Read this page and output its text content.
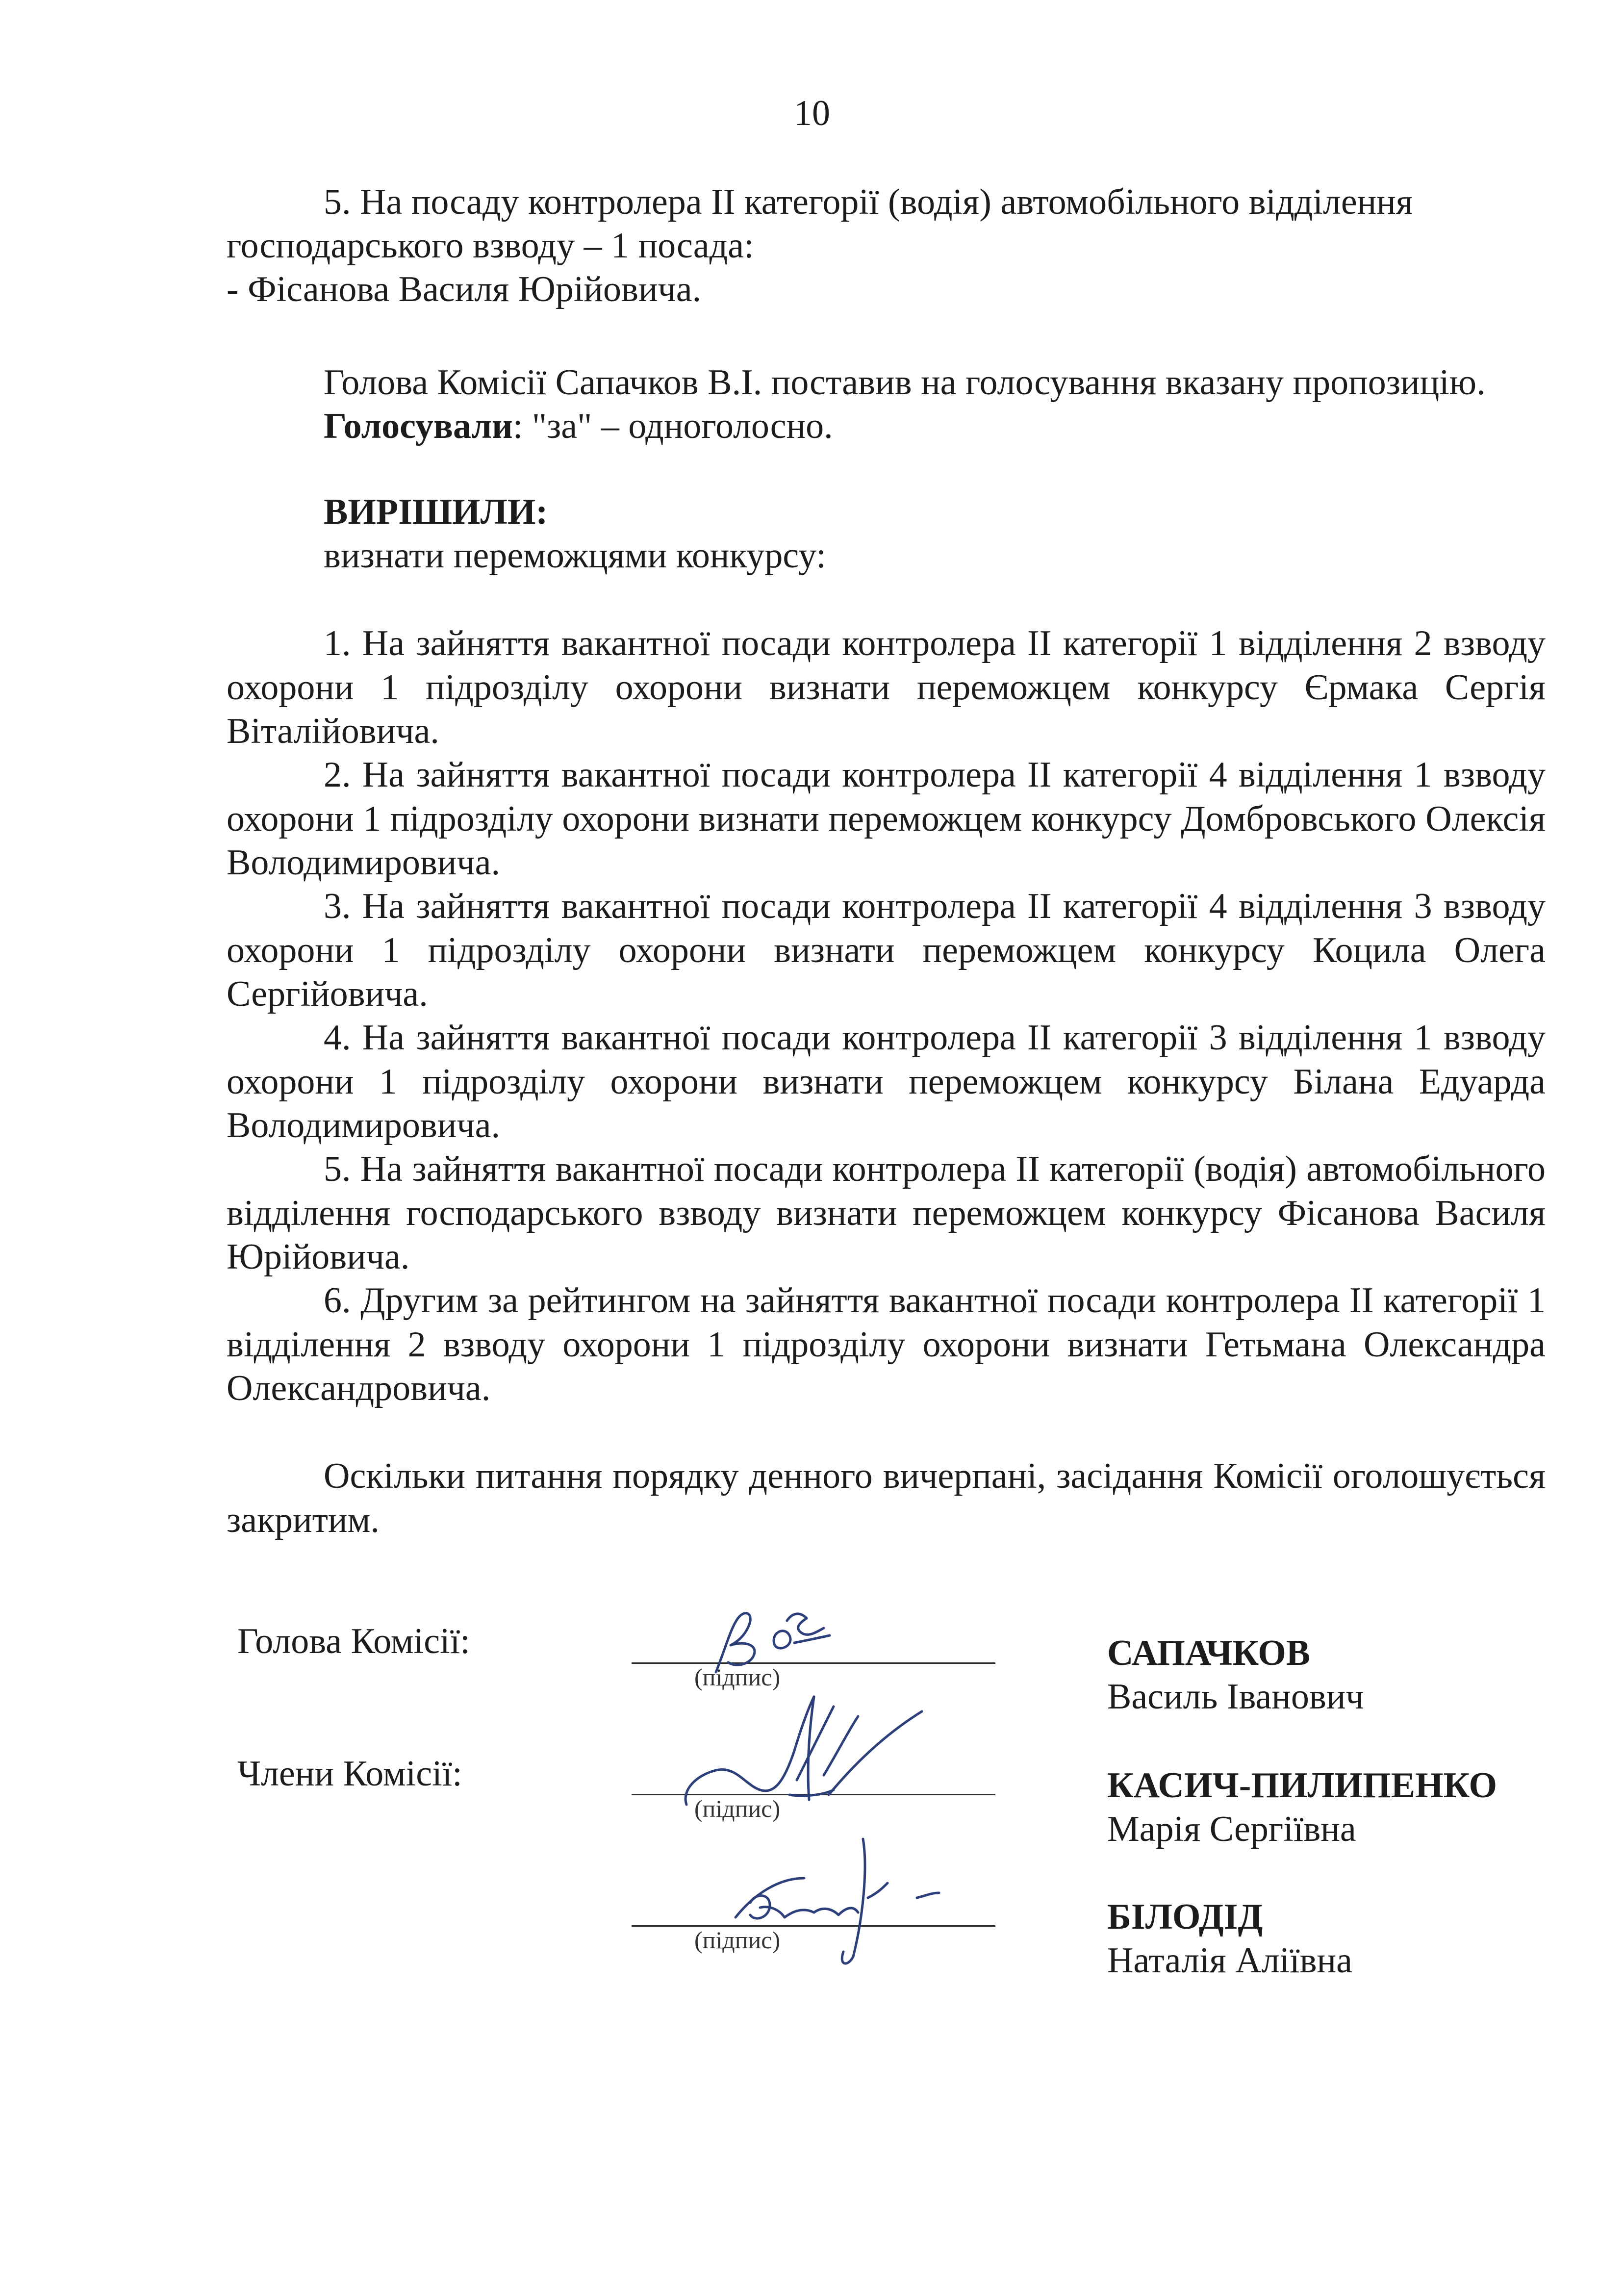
10
5. На посаду контролера ІІ категорії (водія) автомобільного відділення
господарського взводу – 1 посада:
- Фісанова Василя Юрійовича.
Голова Комісії Сапачков В.І. поставив на голосування вказану пропозицію.
Голосували: "за" – одноголосно.
ВИРІШИЛИ:
визнати переможцями конкурсу:

1. На зайняття вакантної посади контролера ІІ категорії 1 відділення 2 взводу охорони 1 підрозділу охорони визнати переможцем конкурсу Єрмака Сергія Віталійовича.

2. На зайняття вакантної посади контролера ІІ категорії 4 відділення 1 взводу охорони 1 підрозділу охорони визнати переможцем конкурсу Домбровського Олексія Володимировича.

3. На зайняття вакантної посади контролера ІІ категорії 4 відділення 3 взводу охорони 1 підрозділу охорони визнати переможцем конкурсу Коцила Олега Сергійовича.

4. На зайняття вакантної посади контролера ІІ категорії 3 відділення 1 взводу охорони 1 підрозділу охорони визнати переможцем конкурсу Білана Едуарда Володимировича.

5. На зайняття вакантної посади контролера ІІ категорії (водія) автомобільного відділення господарського взводу визнати переможцем конкурсу Фісанова Василя Юрійовича.

6. Другим за рейтингом на зайняття вакантної посади контролера ІІ категорії 1 відділення 2 взводу охорони 1 підрозділу охорони визнати Гетьмана Олександра Олександровича.

Оскільки питання порядку денного вичерпані, засідання Комісії оголошується закритим.

Голова Комісії:
Члени Комісії:
(підпис)
(підпис)
(підпис)
САПАЧКОВ
Василь Іванович
КАСИЧ-ПИЛИПЕНКО
Марія Сергіївна
БІЛОДІД
Наталія Аліївна
